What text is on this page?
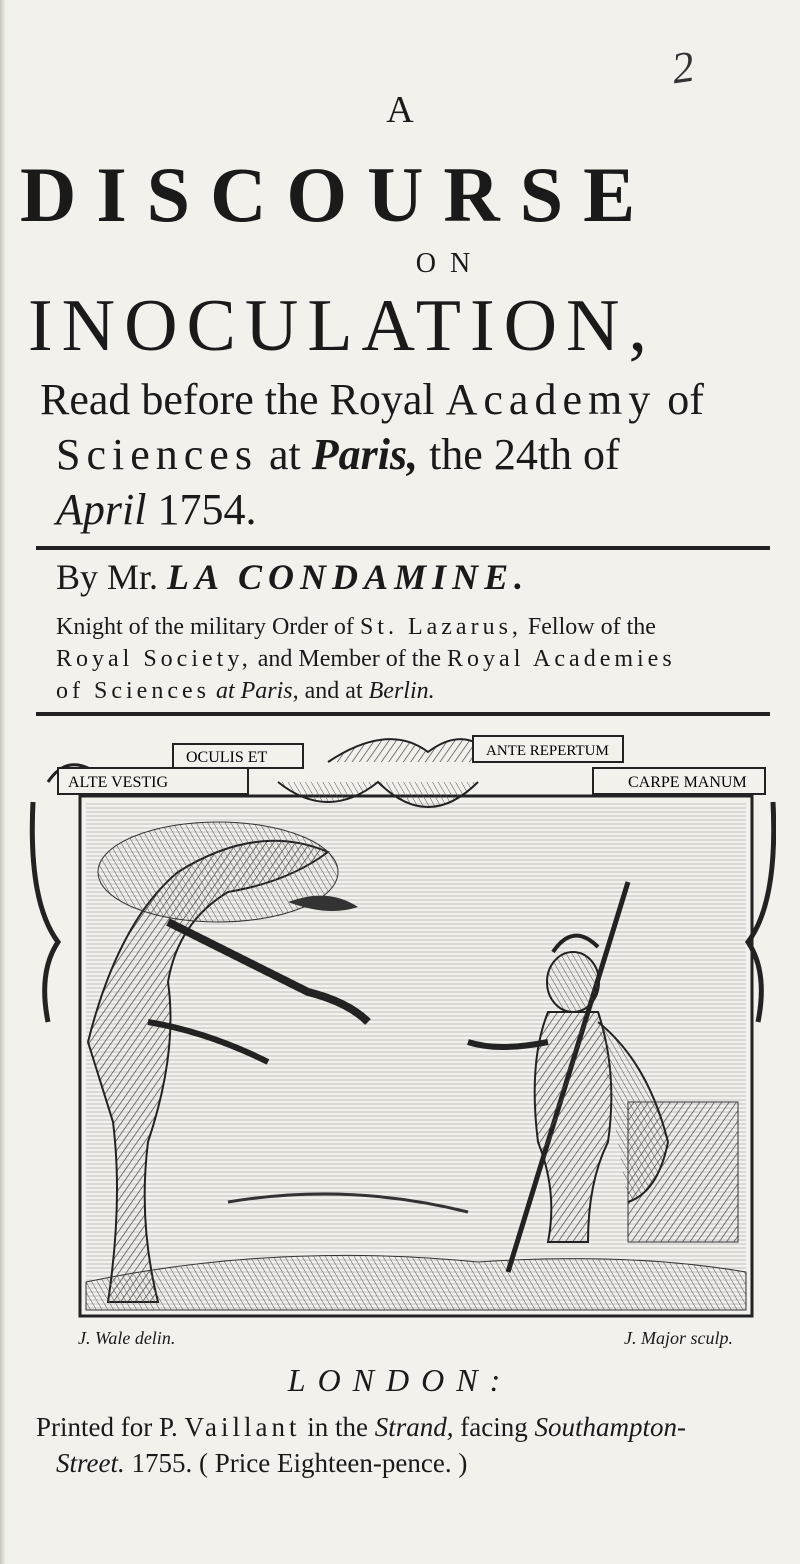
2
A
DISCOURSE
ON
INOCULATION,
Read before the Royal Academy of
Sciences at Paris, the 24th of
April 1754.
By Mr. LA CONDAMINE.
Knight of the military Order of St. Lazarus, Fellow of the
Royal Society, and Member of the Royal Academies
of Sciences at Paris, and at Berlin.
ALTE VESTIG
OCULIS ET	ANTE REPERTUM
CARPE MANUM
J. Wale delin.	J. Major sculp.
LONDON:
Printed for P. Vaillant in the Strand, facing Southampton-
Street. 1755. ( Price Eighteen-pence. )
